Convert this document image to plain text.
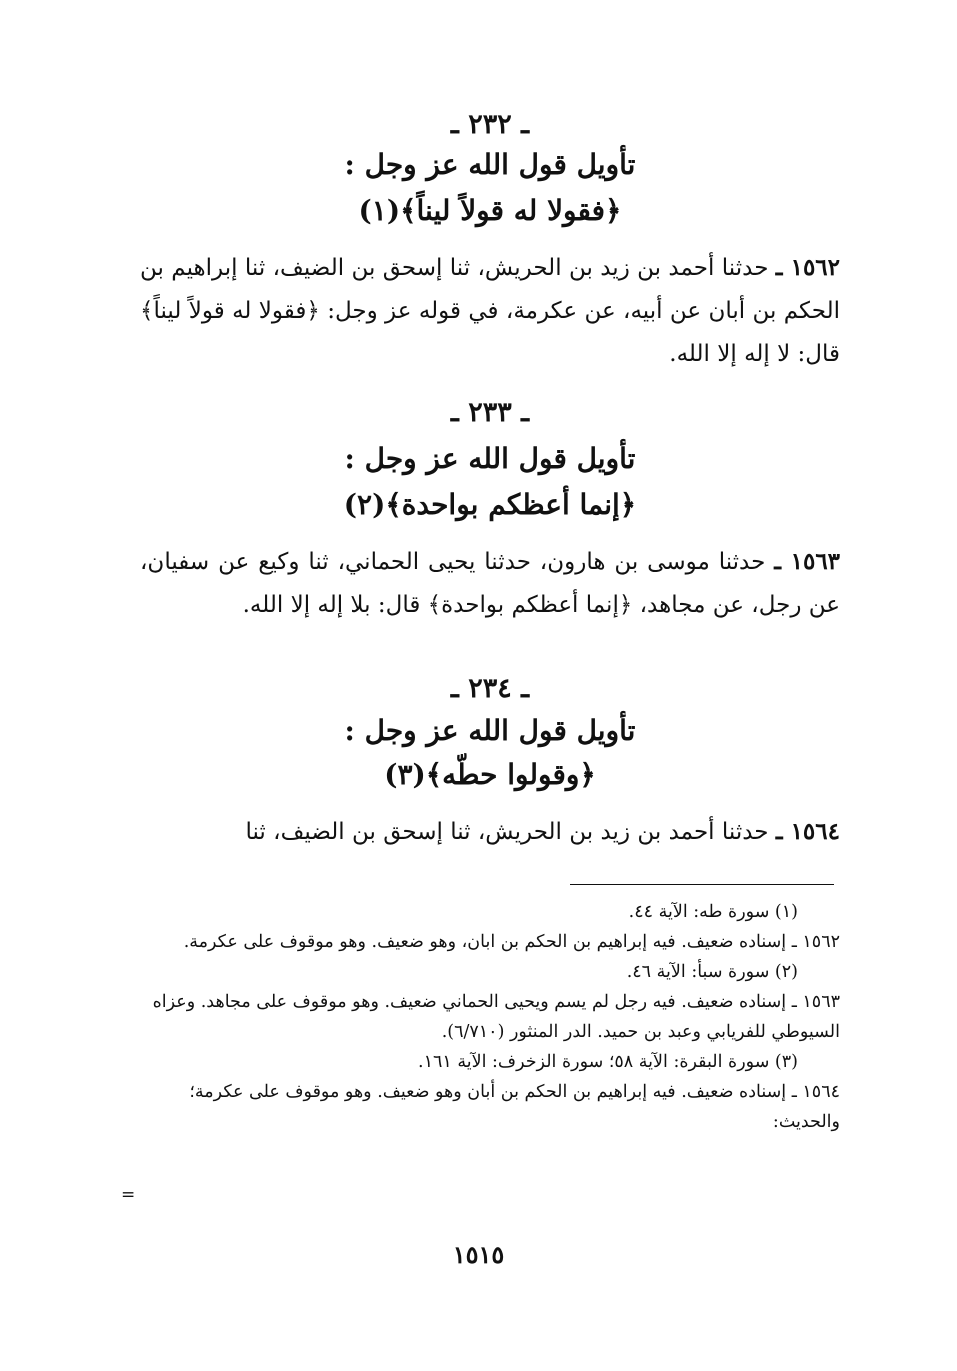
ـ ٢٣٢ ـ

تأويل قول الله عز وجل :

﴿فقولا له قولاً ليناً﴾(١)

١٥٦٢ ـ حدثنا أحمد بن زيد بن الحريش، ثنا إسحق بن الضيف، ثنا إبراهيم بن الحكم بن أبان عن أبيه، عن عكرمة، في قوله عز وجل: ﴿فقولا له قولاً ليناً﴾ قال: لا إله إلا الله.

ـ ٢٣٣ ـ

تأويل قول الله عز وجل :

﴿إنما أعظكم بواحدة﴾(٢)

١٥٦٣ ـ حدثنا موسى بن هارون، حدثنا يحيى الحماني، ثنا وكيع عن سفيان، عن رجل، عن مجاهد، ﴿إنما أعظكم بواحدة﴾ قال: بلا إله إلا الله.

ـ ٢٣٤ ـ

تأويل قول الله عز وجل :

﴿وقولوا حطّه﴾(٣)

١٥٦٤ ـ حدثنا أحمد بن زيد بن الحريش، ثنا إسحق بن الضيف، ثنا

(١) سورة طه: الآية ٤٤.
١٥٦٢ ـ إسناده ضعيف. فيه إبراهيم بن الحكم بن ابان، وهو ضعيف. وهو موقوف على عكرمة.
(٢) سورة سبأ: الآية ٤٦.
١٥٦٣ ـ إسناده ضعيف. فيه رجل لم يسم ويحيى الحماني ضعيف. وهو موقوف على مجاهد. وعزاه السيوطي للفريابي وعبد بن حميد. الدر المنثور (٦/٧١٠).
(٣) سورة البقرة: الآية ٥٨؛ سورة الزخرف: الآية ١٦١.
١٥٦٤ ـ إسناده ضعيف. فيه إبراهيم بن الحكم بن أبان وهو ضعيف. وهو موقوف على عكرمة؛ والحديث:
=
١٥١٥
